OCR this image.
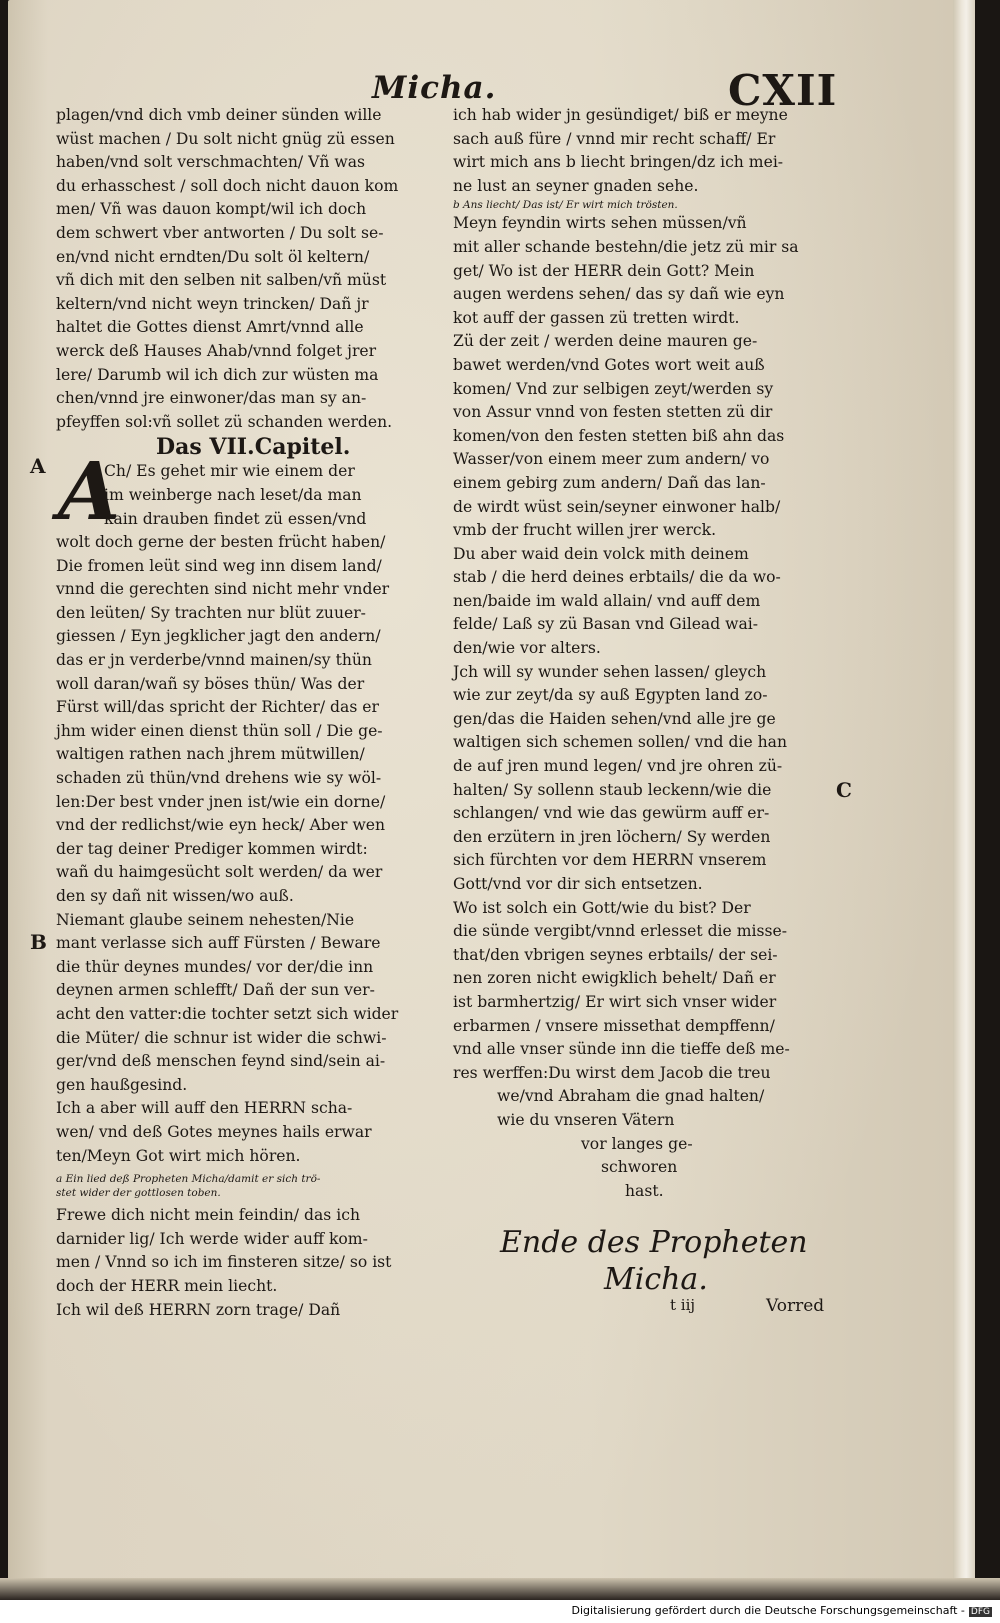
Micha.	CXII
A
B
C
plagen/vnd dich vmb deiner sünden wille
wüst machen / Du solt nicht gnüg zü essen
haben/vnd solt verschmachten/ Vñ was
du erhasschest / soll doch nicht dauon kom
men/ Vñ was dauon kompt/wil ich doch
dem schwert vber antworten / Du solt se-
en/vnd nicht erndten/Du solt öl keltern/
vñ dich mit den selben nit salben/vñ müst
keltern/vnd nicht weyn trincken/ Dañ jr
haltet die Gottes dienst Amrt/vnnd alle
werck deß Hauses Ahab/vnnd folget jrer
lere/ Darumb wil ich dich zur wüsten ma
chen/vnnd jre einwoner/das man sy an-
pfeyffen sol:vñ sollet zü schanden werden.
Das VII.Capitel.
Ch/ Es gehet mir wie einem der
im weinberge nach leset/da man
kain drauben findet zü essen/vnd
wolt doch gerne der besten frücht haben/
Die fromen leüt sind weg inn disem land/
vnnd die gerechten sind nicht mehr vnder
den leüten/ Sy trachten nur blüt zuuer-
giessen / Eyn jegklicher jagt den andern/
das er jn verderbe/vnnd mainen/sy thün
woll daran/wañ sy böses thün/ Was der
Fürst will/das spricht der Richter/ das er
jhm wider einen dienst thün soll / Die ge-
waltigen rathen nach jhrem mütwillen/
schaden zü thün/vnd drehens wie sy wöl-
len:Der best vnder jnen ist/wie ein dorne/
vnd der redlichst/wie eyn heck/ Aber wen
der tag deiner Prediger kommen wirdt:
wañ du haimgesücht solt werden/ da wer
den sy dañ nit wissen/wo auß.
Niemant glaube seinem nehesten/Nie
mant verlasse sich auff Fürsten / Beware
die thür deynes mundes/ vor der/die inn
deynen armen schlefft/ Dañ der sun ver-
acht den vatter:die tochter setzt sich wider
die Müter/ die schnur ist wider die schwi-
ger/vnd deß menschen feynd sind/sein ai-
gen haußgesind.
Ich a aber will auff den HERRN scha-
wen/ vnd deß Gotes meynes hails erwar
ten/Meyn Got wirt mich hören.
a Ein lied deß Propheten Micha/damit er sich trö-
stet wider der gottlosen toben.
Frewe dich nicht mein feindin/ das ich
darnider lig/ Ich werde wider auff kom-
men / Vnnd so ich im finsteren sitze/ so ist
doch der HERR mein liecht.
Ich wil deß HERRN zorn trage/ Dañ
A
ich hab wider jn gesündiget/ biß er meyne
sach auß füre / vnnd mir recht schaff/ Er
wirt mich ans b liecht bringen/dz ich mei-
ne lust an seyner gnaden sehe.
b Ans liecht/ Das ist/ Er wirt mich trösten.
Meyn feyndin wirts sehen müssen/vñ
mit aller schande bestehn/die jetz zü mir sa
get/ Wo ist der HERR dein Gott? Mein
augen werdens sehen/ das sy dañ wie eyn
kot auff der gassen zü tretten wirdt.
Zü der zeit / werden deine mauren ge-
bawet werden/vnd Gotes wort weit auß
komen/ Vnd zur selbigen zeyt/werden sy
von Assur vnnd von festen stetten zü dir
komen/von den festen stetten biß ahn das
Wasser/von einem meer zum andern/ vo
einem gebirg zum andern/ Dañ das lan-
de wirdt wüst sein/seyner einwoner halb/
vmb der frucht willen jrer werck.
Du aber waid dein volck mith deinem
stab / die herd deines erbtails/ die da wo-
nen/baide im wald allain/ vnd auff dem
felde/ Laß sy zü Basan vnd Gilead wai-
den/wie vor alters.
Jch will sy wunder sehen lassen/ gleych
wie zur zeyt/da sy auß Egypten land zo-
gen/das die Haiden sehen/vnd alle jre ge
waltigen sich schemen sollen/ vnd die han
de auf jren mund legen/ vnd jre ohren zü-
halten/ Sy sollenn staub leckenn/wie die
schlangen/ vnd wie das gewürm auff er-
den erzütern in jren löchern/ Sy werden
sich fürchten vor dem HERRN vnserem
Gott/vnd vor dir sich entsetzen.
Wo ist solch ein Gott/wie du bist? Der
die sünde vergibt/vnnd erlesset die misse-
that/den vbrigen seynes erbtails/ der sei-
nen zoren nicht ewigklich behelt/ Dañ er
ist barmhertzig/ Er wirt sich vnser wider
erbarmen / vnsere missethat dempffenn/
vnd alle vnser sünde inn die tieffe deß me-
res werffen:Du wirst dem Jacob die treu
we/vnd Abraham die gnad halten/
wie du vnseren Vätern
vor langes ge-
schworen
hast.
Ende des Propheten
Micha.
t iij	Vorred
Digitalisierung gefördert durch die Deutsche Forschungsgemeinschaft - DFG
